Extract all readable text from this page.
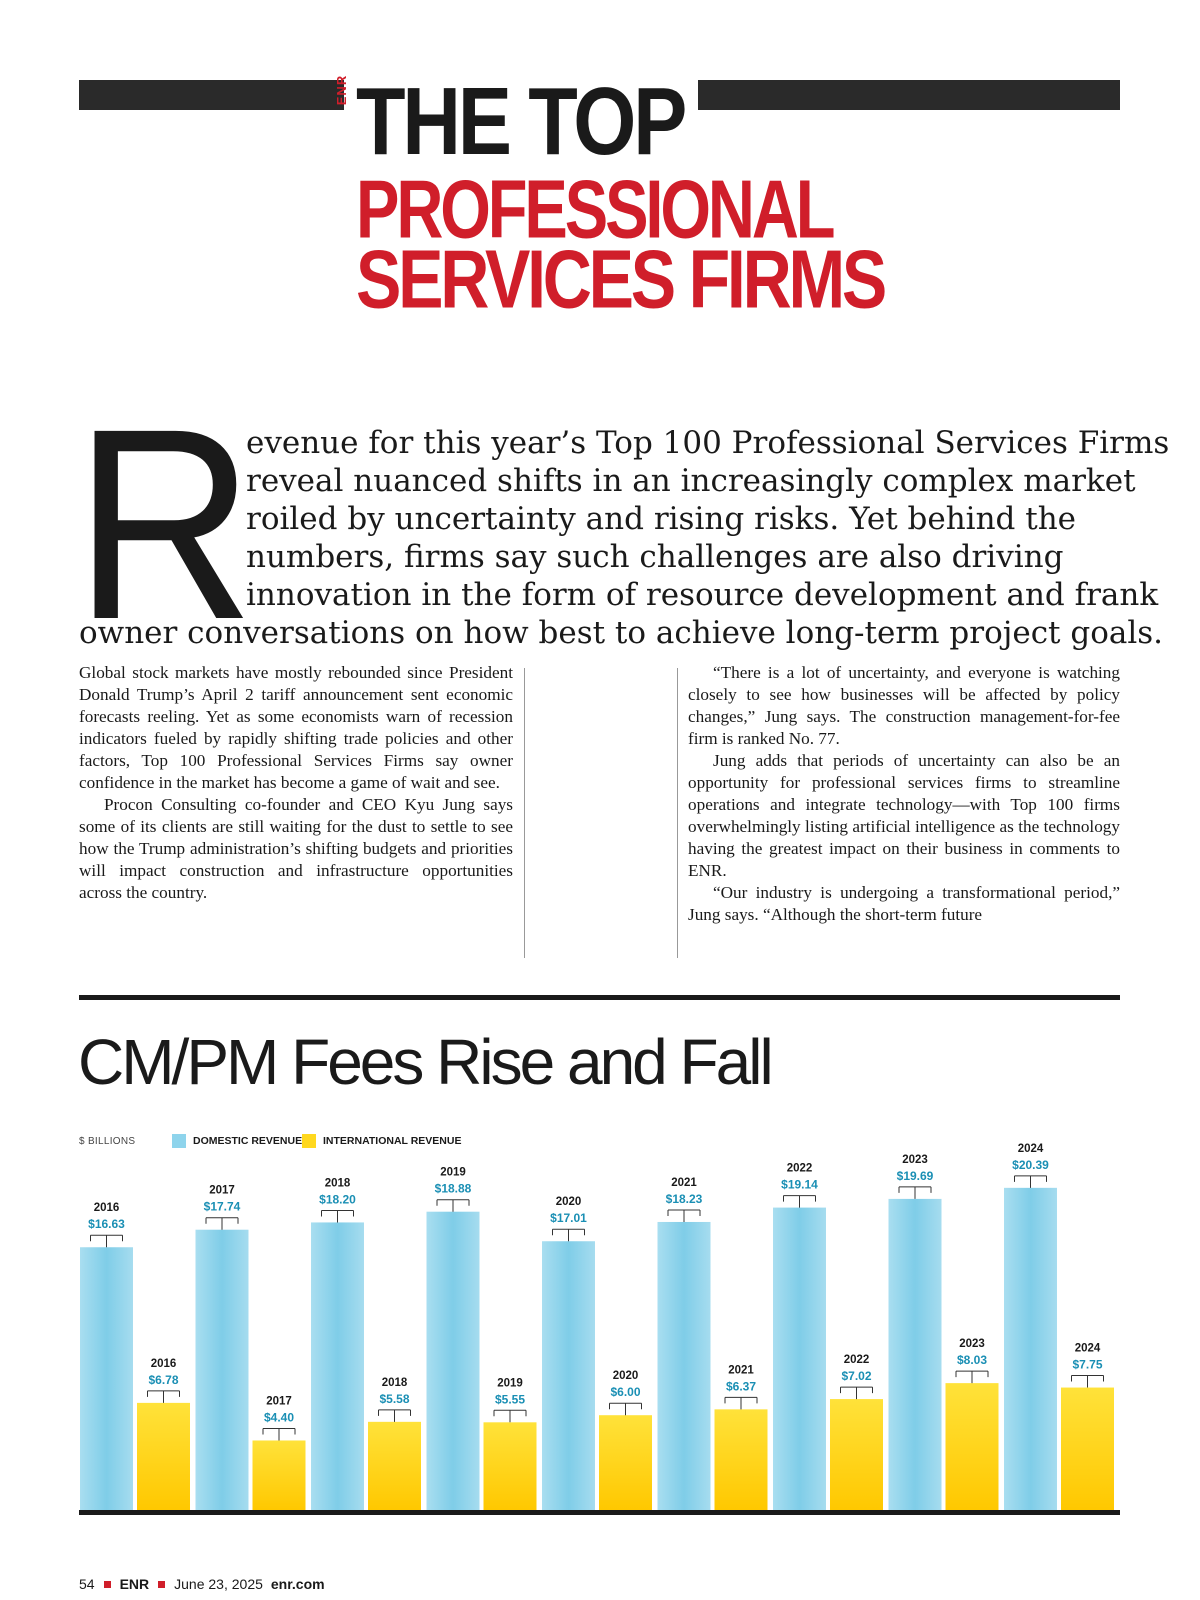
ENR THE TOP
PROFESSIONAL
SERVICES FIRMS
R
evenue for this year’s Top 100 Professional Services Firms
reveal nuanced shifts in an increasingly complex market
roiled by uncertainty and rising risks. Yet behind the
numbers, firms say such challenges are also driving
innovation in the form of resource development and frank
owner conversations on how best to achieve long-term project goals.

Global stock markets have mostly rebounded since President Donald Trump’s April 2 tariff announcement sent economic forecasts reeling. Yet as some economists warn of recession indicators fueled by rapidly shifting trade policies and other factors, Top 100 Professional Services Firms say owner confidence in the market has become a game of wait and see.

Procon Consulting co-founder and CEO Kyu Jung says some of its clients are still waiting for the dust to settle to see how the Trump administration’s shifting budgets and priorities will impact construction and infrastructure opportunities across the country.

“There is a lot of uncertainty, and everyone is watching closely to see how businesses will be affected by policy changes,” Jung says. The construction management-for-fee firm is ranked No. 77.

Jung adds that periods of uncertainty can also be an opportunity for professional services firms to streamline operations and integrate technology—with Top 100 firms overwhelmingly listing artificial intelligence as the technology having the greatest impact on their business in comments to ENR.

“Our industry is undergoing a transformational period,” Jung says. “Although the short-term future

CM/PM Fees Rise and Fall
$ BILLIONS	DOMESTIC REVENUE INTERNATIONAL REVENUE
2016
$16.63
2016
$6.78
2017
$17.74
2017
$4.40
2018
$18.20
2018
$5.58
2019
$18.88
2019
$5.55
2020
$17.01
2020
$6.00
2021
$18.23
2021
$6.37
2022
$19.14
2022
$7.02
2023
$19.69
2023
$8.03
2024
$20.39
2024
$7.75
54 ENR June 23, 2025 enr.com
